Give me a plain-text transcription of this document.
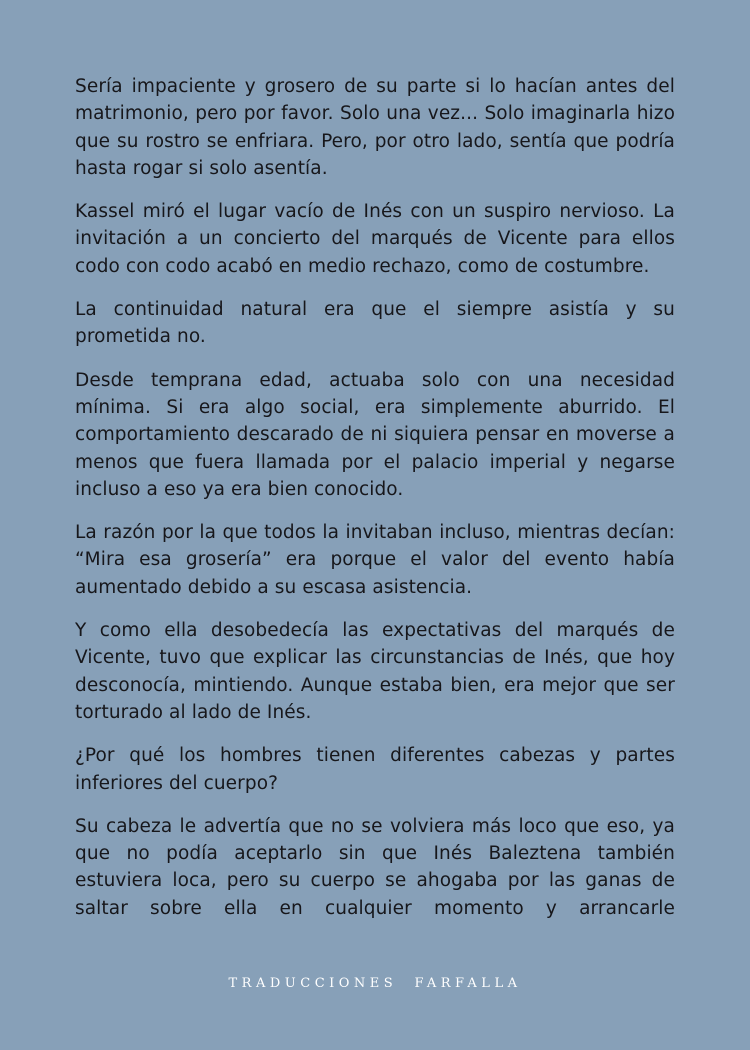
Sería impaciente y grosero de su parte si lo hacían antes del matrimonio, pero por favor. Solo una vez... Solo imaginarla hizo que su rostro se enfriara. Pero, por otro lado, sentía que podría hasta rogar si solo asentía.

Kassel miró el lugar vacío de Inés con un suspiro nervioso. La invitación a un concierto del marqués de Vicente para ellos codo con codo acabó en medio rechazo, como de costumbre.

La continuidad natural era que el siempre asistía y su prometida no.

Desde temprana edad, actuaba solo con una necesidad mínima. Si era algo social, era simplemente aburrido. El comportamiento descarado de ni siquiera pensar en moverse a menos que fuera llamada por el palacio imperial y negarse incluso a eso ya era bien conocido.

La razón por la que todos la invitaban incluso, mientras decían: “Mira esa grosería” era porque el valor del evento había aumentado debido a su escasa asistencia.

Y como ella desobedecía las expectativas del marqués de Vicente, tuvo que explicar las circunstancias de Inés, que hoy desconocía, mintiendo. Aunque estaba bien, era mejor que ser torturado al lado de Inés.

¿Por qué los hombres tienen diferentes cabezas y partes inferiores del cuerpo?

Su cabeza le advertía que no se volviera más loco que eso, ya que no podía aceptarlo sin que Inés Baleztena también estuviera loca, pero su cuerpo se ahogaba por las ganas de saltar sobre ella en cualquier momento y arrancarle

TRADUCCIONES  FARFALLA
